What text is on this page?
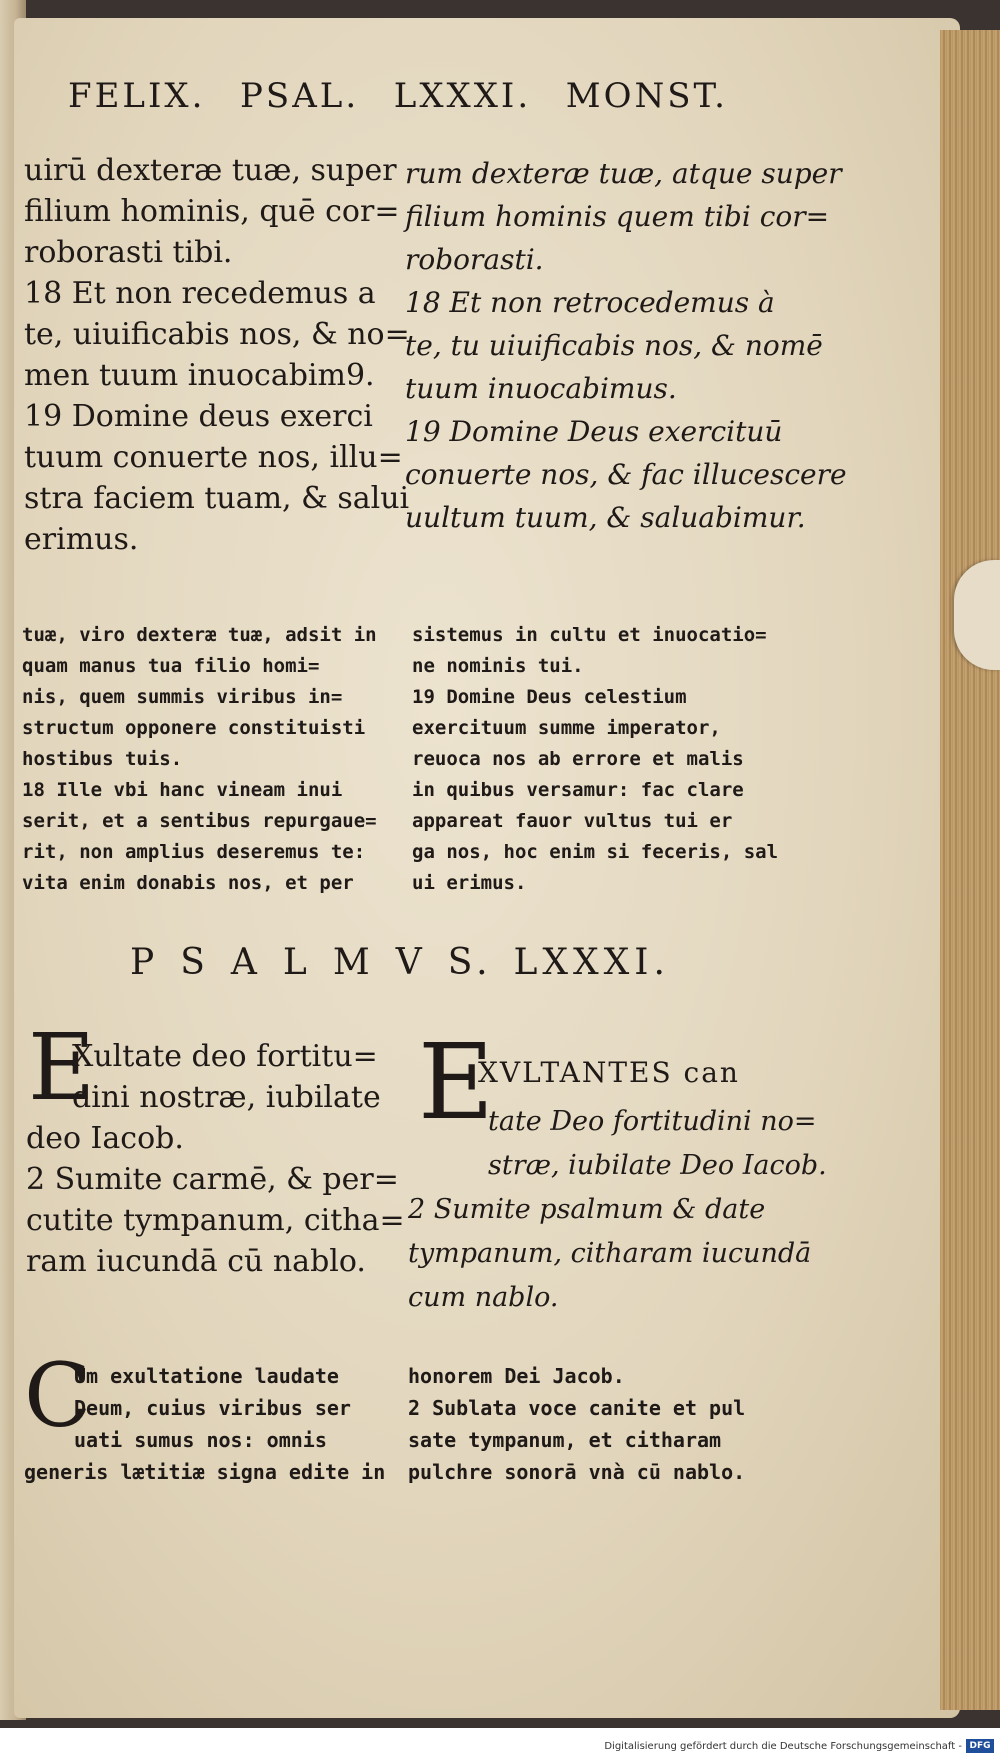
FELIX. PSAL. LXXXI. MONST.
uirū dexteræ tuæ, super
filium hominis, quē cor=
roborasti tibi.
18 Et non recedemus a
te, uiuificabis nos, & no=
men tuum inuocabim9.
19 Domine deus exerci
tuum conuerte nos, illu=
stra faciem tuam, & salui
erimus.
rum dexteræ tuæ, atque super
filium hominis quem tibi cor=
roborasti.
18 Et non retrocedemus à
te, tu uiuificabis nos, & nomē
tuum inuocabimus.
19 Domine Deus exercituū
conuerte nos, & fac illucescere
uultum tuum, & saluabimur.
tuæ, viro dexteræ tuæ, adsit in
quam manus tua filio homi=
nis, quem summis viribus in=
structum opponere constituisti
hostibus tuis.
18 Ille vbi hanc vineam inui
serit, et a sentibus repurgaue=
rit, non amplius deseremus te:
vita enim donabis nos, et per
sistemus in cultu et inuocatio=
ne nominis tui.
19 Domine Deus celestium
exercituum summe imperator,
reuoca nos ab errore et malis
in quibus versamur: fac clare
appareat fauor vultus tui er
ga nos, hoc enim si feceris, sal
ui erimus.
P S A L M V S. LXXXI.
E
Xultate deo fortitu=
dini nostræ, iubilate
deo Iacob.
2 Sumite carmē, & per=
cutite tympanum, citha=
ram iucundā cū nablo.
E
XVLTANTES can
tate Deo fortitudini no=
stræ, iubilate Deo Iacob.
2 Sumite psalmum & date
tympanum, citharam iucundā
cum nablo.
C
Um exultatione laudate
Deum, cuius viribus ser
uati sumus nos: omnis
generis lætitiæ signa edite in
honorem Dei Jacob.
2 Sublata voce canite et pul
sate tympanum, et citharam
pulchre sonorā vnà cū nablo.
Digitalisierung gefördert durch die Deutsche Forschungsgemeinschaft - DFG
